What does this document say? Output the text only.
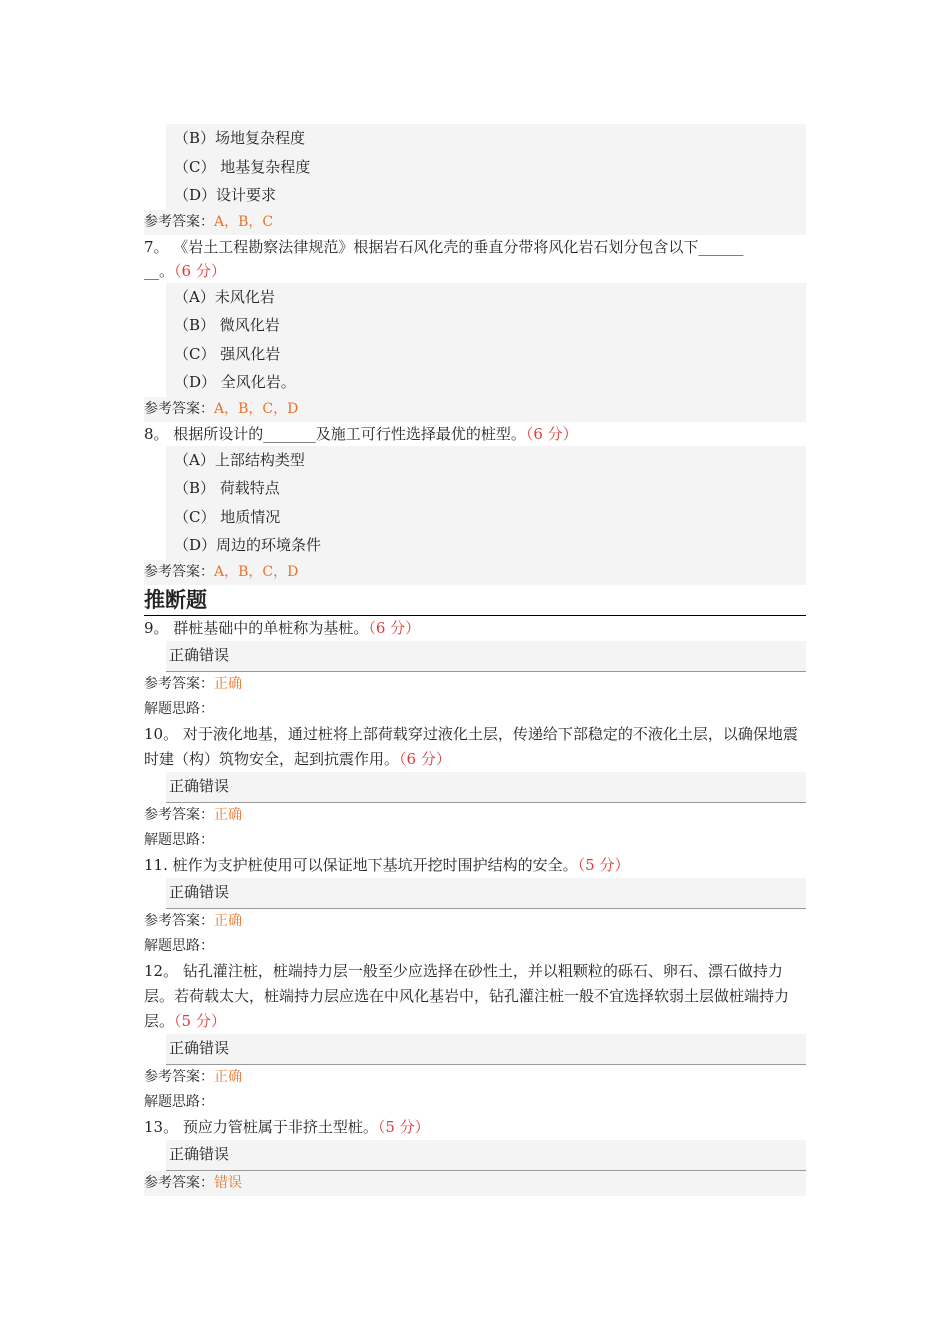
（B）场地复杂程度
（C） 地基复杂程度
（D）设计要求
参考答案：A，B，C
7。 《岩土工程勘察法律规范》根据岩石风化壳的垂直分带将风化岩石划分包含以下______
__。（6 分）
（A）未风化岩
（B） 微风化岩
（C） 强风化岩
（D） 全风化岩。
参考答案：A，B，C，D
8。 根据所设计的_______及施工可行性选择最优的桩型。（6 分）
（A）上部结构类型
（B） 荷载特点
（C） 地质情况
（D）周边的环境条件
参考答案：A，B，C，D
推断题
9。 群桩基础中的单桩称为基桩。（6 分）
正确错误
参考答案：正确
解题思路：
10。 对于液化地基，通过桩将上部荷载穿过液化土层，传递给下部稳定的不液化土层，以确保地震时建（构）筑物安全，起到抗震作用。（6 分）
正确错误
参考答案：正确
解题思路：
11. 桩作为支护桩使用可以保证地下基坑开挖时围护结构的安全。（5 分）
正确错误
参考答案：正确
解题思路：
12。 钻孔灌注桩，桩端持力层一般至少应选择在砂性土，并以粗颗粒的砾石、卵石、漂石做持力层。若荷载太大，桩端持力层应选在中风化基岩中，钻孔灌注桩一般不宜选择软弱土层做桩端持力层。（5 分）
正确错误
参考答案：正确
解题思路：
13。 预应力管桩属于非挤土型桩。（5 分）
正确错误
参考答案：错误
